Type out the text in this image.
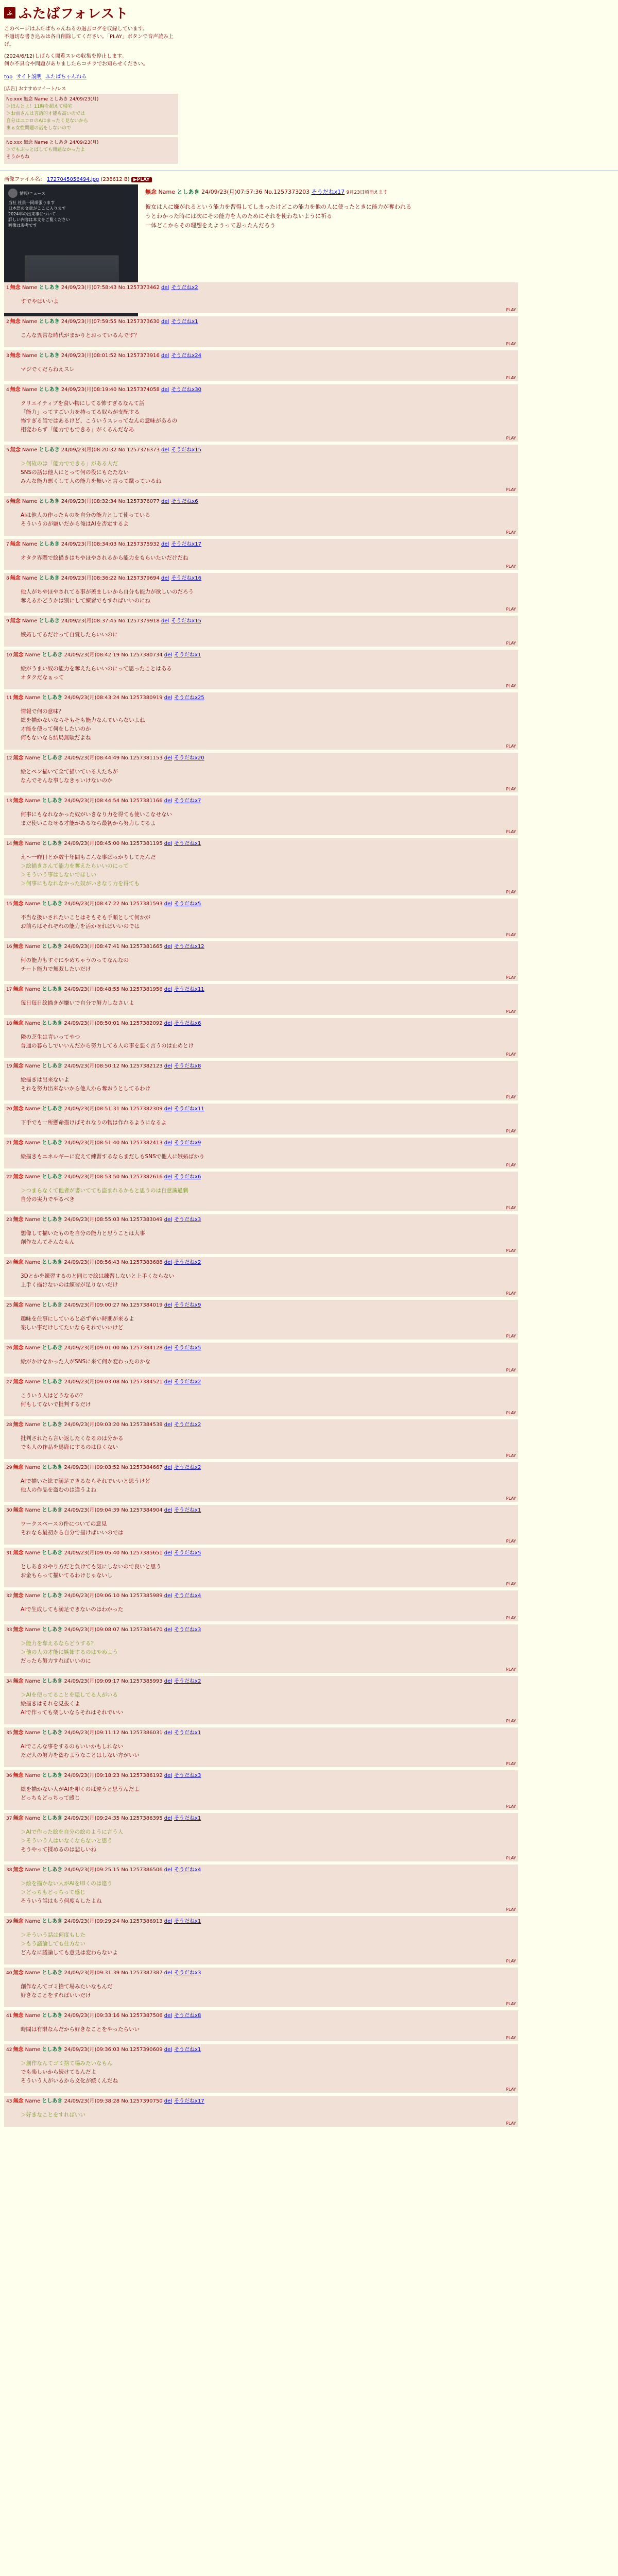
ふ ふたばフォレスト
このページはふたばちゃんねるの過去ログを収録しています。
不適切な書き込みは各自削除してください。「PLAY」ボタンで音声読み上げ。
(2024/6/12)しばらく閲覧スレの収集を停止します。
何か不具合や問題がありましたらコチラでお知らせください。
top サイト説明 ふたばちゃんねる
[広告] おすすめツイート/レス
No.xxx 無念 Name としあき 24/09/23(月)
＞ほんとよ！11時を超えて帰宅
＞お前さんは言語的才能も高いのでは
自分はユロロのAはまったく見ないから
まぁ女性問題の話をしないので
No.xxx 無念 Name としあき 24/09/23(月)
＞でもぶっとばしても問題なかったよ
そうかもね
画像ファイル名： 1727045056494.jpg (238612 B) ▶PLAY
情報/ニュース
当社 社員一同頑張ります
日本語の文章がここに入ります
2024年の出来事について
詳しい内容は本文をご覧ください
画像は参考です
無念 Name としあき 24/09/23(月)07:57:36 No.1257373203 そうだねx17 9月23日頃消えます
彼女は人に嫌がれるという能力を習得してしまったけどこの能力を他の人に使ったときに能力が奪われる
うとわかった時には次にその能力を人のためにそれを使わないように祈る
一体どこからその理想をえようって思ったんだろう
1 無念 Name としあき 24/09/23(月)07:58:43 No.1257373462 del そうだねx2
すでやはいいよ
PLAY
2 無念 Name としあき 24/09/23(月)07:59:55 No.1257373630 del そうだねx1
こんな異常な時代がまかりとおっているんです？
PLAY
3 無念 Name としあき 24/09/23(月)08:01:52 No.1257373916 del そうだねx24
マジでくだらねえスレ
PLAY
4 無念 Name としあき 24/09/23(月)08:19:40 No.1257374058 del そうだねx30
クリエイティブを食い物にしてる怖すぎるなんて話
「能力」ってすごい力を持ってる奴らが支配する
怖すぎる話ではあるけど、こういうスレってなんの意味があるの
相変わらず「能力でもできる」がくるんだなあ
PLAY
5 無念 Name としあき 24/09/23(月)08:20:32 No.1257376373 del そうだねx15
＞何故のは「能力でできる」がある人だ
SNSの話は他人にとって何の役にもたたない
みんな能力悪くして人の能力を無いと言って蹴っているね
PLAY
6 無念 Name としあき 24/09/23(月)08:32:34 No.1257376077 del そうだねx6
AIは他人の作ったものを自分の能力として使っている
そういうのが嫌いだから俺はAIを否定するよ
PLAY
7 無念 Name としあき 24/09/23(月)08:34:03 No.1257375932 del そうだねx17
オタク界隈で絵描きはちやほやされるから能力をもらいたいだけだね
PLAY
8 無念 Name としあき 24/09/23(月)08:36:22 No.1257379694 del そうだねx16
他人がちやほやされてる事が羨ましいから自分も能力が欲しいのだろう
奪えるかどうかは別にして練習でもすればいいのにね
PLAY
9 無念 Name としあき 24/09/23(月)08:37:45 No.1257379918 del そうだねx15
嫉妬してるだけって自覚したらいいのに
PLAY
10 無念 Name としあき 24/09/23(月)08:42:19 No.1257380734 del そうだねx1
絵がうまい奴の能力を奪えたらいいのにって思ったことはある
オタクだなぁって
PLAY
11 無念 Name としあき 24/09/23(月)08:43:24 No.1257380919 del そうだねx25
情報で何の意味？
絵を描かないならそもそも能力なんていらないよね
才能を使って何をしたいのか
何もないなら結局無駄だよね
PLAY
12 無念 Name としあき 24/09/23(月)08:44:49 No.1257381153 del そうだねx20
絵とペン描いて全て描いている人たちが
なんでそんな事しなきゃいけないのか
PLAY
13 無念 Name としあき 24/09/23(月)08:44:54 No.1257381166 del そうだねx7
何事にもなれなかった奴がいきなり力を得ても使いこなせない
まだ使いこなせる才能があるなら最初から努力してるよ
PLAY
14 無念 Name としあき 24/09/23(月)08:45:00 No.1257381195 del そうだねx1
え～一昨日とか数十年間もこんな事ばっかりしてたんだ
＞絵描きさんて能力を奪えたらいいのにって
＞そういう事はしないでほしい
＞何事にもなれなかった奴がいきなり力を得ても
PLAY
15 無念 Name としあき 24/09/23(月)08:47:22 No.1257381593 del そうだねx5
不当な扱いされたいことはそもそも手順として何かが
お前らはそれぞれの能力を活かせればいいのでは
PLAY
16 無念 Name としあき 24/09/23(月)08:47:41 No.1257381665 del そうだねx12
何の能力もすぐにやめちゃうのってなんなの
チート能力で無双したいだけ
PLAY
17 無念 Name としあき 24/09/23(月)08:48:55 No.1257381956 del そうだねx11
毎日毎日絵描きが嫌いで自分で努力しなさいよ
PLAY
18 無念 Name としあき 24/09/23(月)08:50:01 No.1257382092 del そうだねx6
隣の芝生は青いってやつ
普通の暮らしでいいんだから努力してる人の事を悪く言うのは止めとけ
PLAY
19 無念 Name としあき 24/09/23(月)08:50:12 No.1257382123 del そうだねx8
絵描きは出来ないよ
それを努力出来ないから他人から奪おうとしてるわけ
PLAY
20 無念 Name としあき 24/09/23(月)08:51:31 No.1257382309 del そうだねx11
下手でも一所懸命描けばそれなりの物は作れるようになるよ
PLAY
21 無念 Name としあき 24/09/23(月)08:51:40 No.1257382413 del そうだねx9
絵描きもエネルギーに変えて練習するならまだしもSNSで他人に嫉妬ばかり
PLAY
22 無念 Name としあき 24/09/23(月)08:53:50 No.1257382616 del そうだねx6
＞つまらなくて他者が書いてても盗まれるかもと思うのは自意識過剰
自分の実力でやるべき
PLAY
23 無念 Name としあき 24/09/23(月)08:55:03 No.1257383049 del そうだねx3
想像して描いたものを自分の能力と思うことは大事
創作なんてそんなもん
PLAY
24 無念 Name としあき 24/09/23(月)08:56:43 No.1257383688 del そうだねx2
3Dとかを練習するのと同じで絵は練習しないと上手くならない
上手く描けないのは練習が足りないだけ
PLAY
25 無念 Name としあき 24/09/23(月)09:00:27 No.1257384019 del そうだねx9
趣味を仕事にしていると必ず辛い時期が来るよ
楽しい事だけしてたいならそれでいいけど
PLAY
26 無念 Name としあき 24/09/23(月)09:01:00 No.1257384128 del そうだねx5
絵がかけなかった人がSNSに来て何か変わったのかな
PLAY
27 無念 Name としあき 24/09/23(月)09:03:08 No.1257384521 del そうだねx2
こういう人はどうなるの？
何もしてないで批判するだけ
PLAY
28 無念 Name としあき 24/09/23(月)09:03:20 No.1257384538 del そうだねx2
批判されたら言い返したくなるのは分かる
でも人の作品を馬鹿にするのは良くない
PLAY
29 無念 Name としあき 24/09/23(月)09:03:52 No.1257384667 del そうだねx2
AIで描いた絵で満足できるならそれでいいと思うけど
他人の作品を盗むのは違うよね
PLAY
30 無念 Name としあき 24/09/23(月)09:04:39 No.1257384904 del そうだねx1
ワークスペースの件についての意見
それなら最初から自分で描けばいいのでは
PLAY
31 無念 Name としあき 24/09/23(月)09:05:40 No.1257385651 del そうだねx5
としあきのやり方だと負けても気にしないので良いと思う
お金もらって描いてるわけじゃないし
PLAY
32 無念 Name としあき 24/09/23(月)09:06:10 No.1257385989 del そうだねx4
AIで生成しても満足できないのはわかった
PLAY
33 無念 Name としあき 24/09/23(月)09:08:07 No.1257385470 del そうだねx3
＞能力を奪えるならどうする？
＞他の人の才能に嫉妬するのはやめよう
だったら努力すればいいのに
PLAY
34 無念 Name としあき 24/09/23(月)09:09:17 No.1257385993 del そうだねx2
＞AIを使ってることを隠してる人がいる
絵描きはそれを見抜くよ
AIで作っても楽しいならそれはそれでいい
PLAY
35 無念 Name としあき 24/09/23(月)09:11:12 No.1257386031 del そうだねx1
AIでこんな事をするのもいいかもしれない
ただ人の努力を盗むようなことはしない方がいい
PLAY
36 無念 Name としあき 24/09/23(月)09:18:23 No.1257386192 del そうだねx3
絵を描かない人がAIを叩くのは違うと思うんだよ
どっちもどっちって感じ
PLAY
37 無念 Name としあき 24/09/23(月)09:24:35 No.1257386395 del そうだねx1
＞AIで作った絵を自分の絵のように言う人
＞そういう人はいなくならないと思う
そうやって揉めるのは悲しいね
PLAY
38 無念 Name としあき 24/09/23(月)09:25:15 No.1257386506 del そうだねx4
＞絵を描かない人がAIを叩くのは違う
＞どっちもどっちって感じ
そういう話はもう何度もしたよね
PLAY
39 無念 Name としあき 24/09/23(月)09:29:24 No.1257386913 del そうだねx1
＞そういう話は何度もした
＞もう議論しても仕方ない
どんなに議論しても意見は変わらないよ
PLAY
40 無念 Name としあき 24/09/23(月)09:31:39 No.1257387387 del そうだねx3
創作なんてゴミ捨て場みたいなもんだ
好きなことをすればいいだけ
PLAY
41 無念 Name としあき 24/09/23(月)09:33:16 No.1257387506 del そうだねx8
時間は有限なんだから好きなことをやったらいい
PLAY
42 無念 Name としあき 24/09/23(月)09:36:03 No.1257390609 del そうだねx1
＞創作なんてゴミ捨て場みたいなもん
でも楽しいから続けてるんだよ
そういう人がいるから文化が続くんだね
PLAY
43 無念 Name としあき 24/09/23(月)09:38:28 No.1257390750 del そうだねx17
＞好きなことをすればいい
PLAY
